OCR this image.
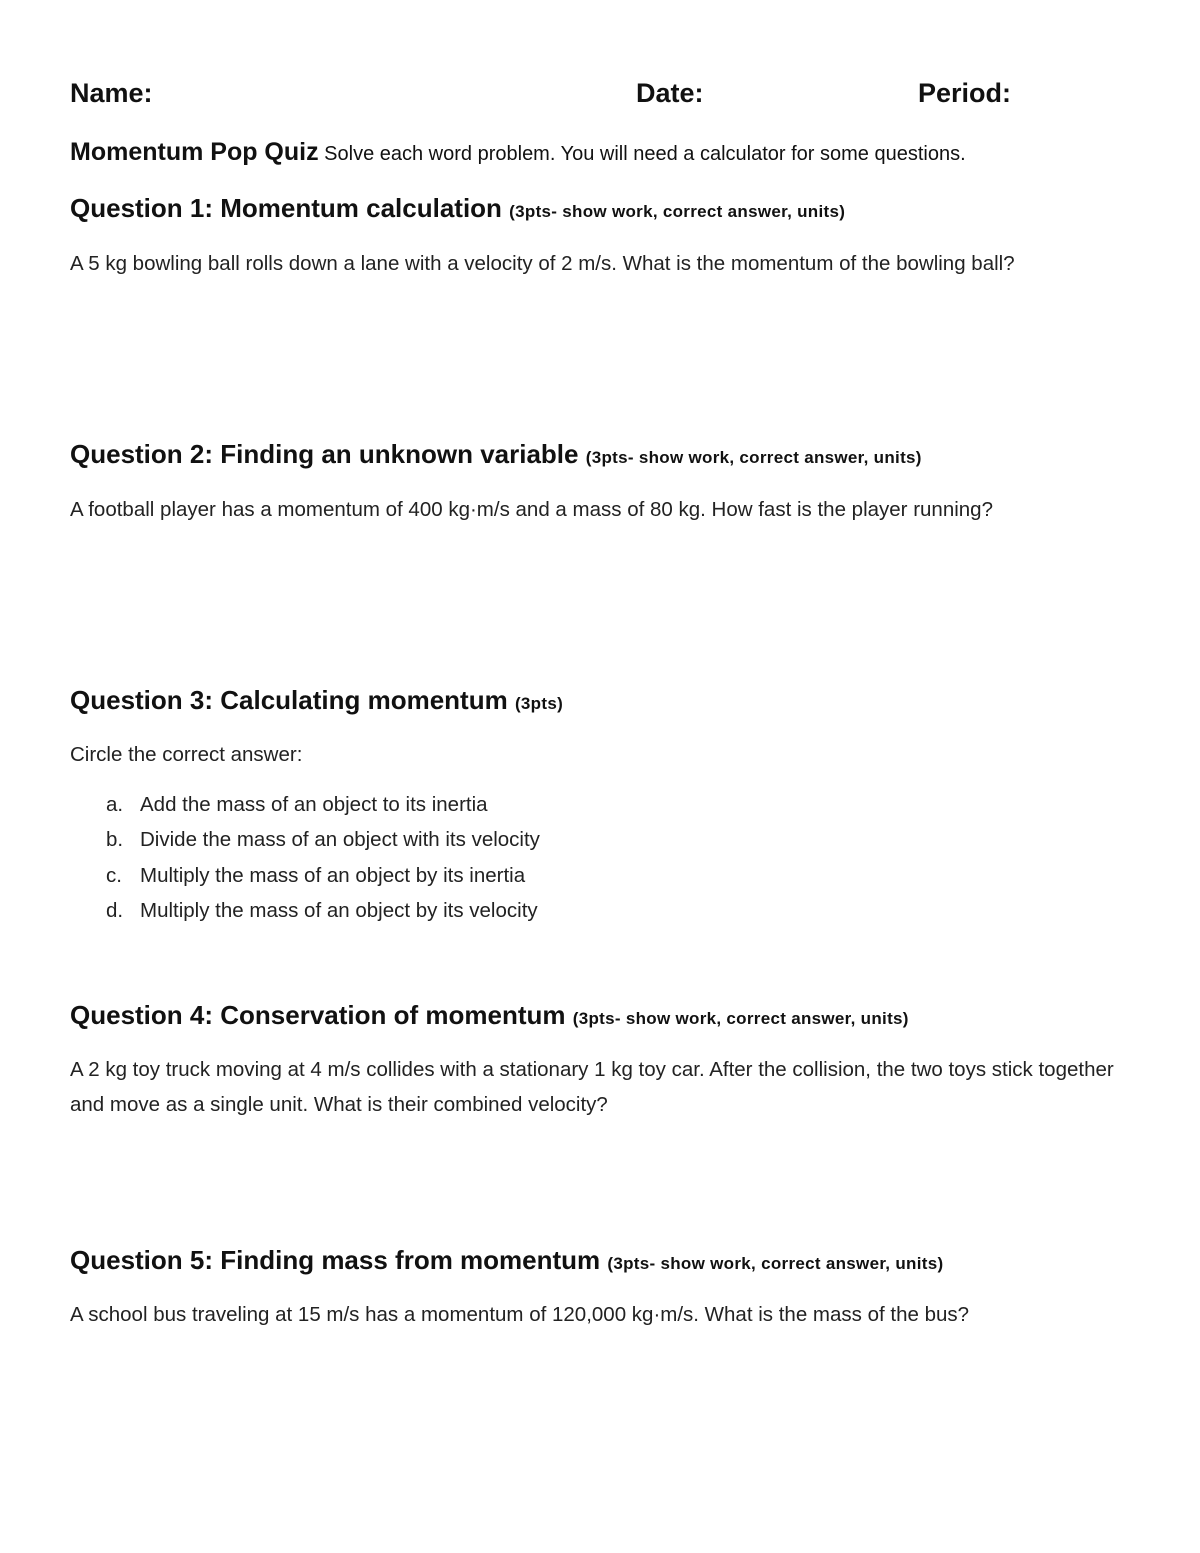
Name:	Date:	Period:
Momentum Pop Quiz Solve each word problem. You will need a calculator for some questions.
Question 1: Momentum calculation (3pts- show work, correct answer, units)
A 5 kg bowling ball rolls down a lane with a velocity of 2 m/s. What is the momentum of the bowling ball?
Question 2: Finding an unknown variable (3pts- show work, correct answer, units)
A football player has a momentum of 400 kg·m/s and a mass of 80 kg. How fast is the player running?
Question 3: Calculating momentum (3pts)
Circle the correct answer:
a. Add the mass of an object to its inertia
b. Divide the mass of an object with its velocity
c. Multiply the mass of an object by its inertia
d. Multiply the mass of an object by its velocity
Question 4: Conservation of momentum (3pts- show work, correct answer, units)
A 2 kg toy truck moving at 4 m/s collides with a stationary 1 kg toy car. After the collision, the two toys stick together and move as a single unit. What is their combined velocity?
Question 5: Finding mass from momentum (3pts- show work, correct answer, units)
A school bus traveling at 15 m/s has a momentum of 120,000 kg·m/s. What is the mass of the bus?
